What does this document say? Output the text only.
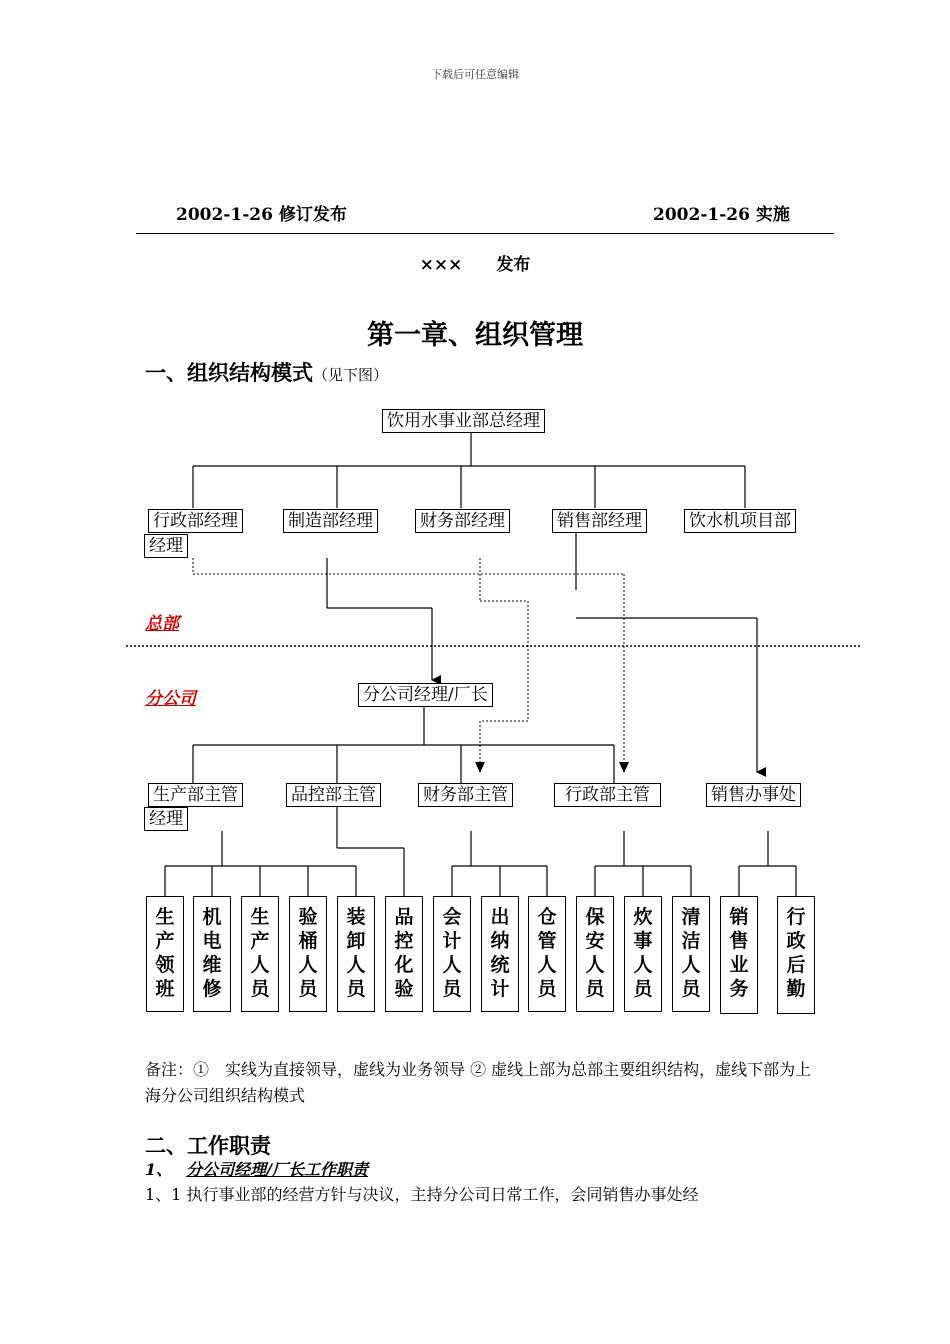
下载后可任意编辑
2002-1-26 修订发布	2002-1-26 实施
××× 发布
第一章、组织管理
一、组织结构模式（见下图）
饮用水事业部总经理
行政部经理
经理
制造部经理	财务部经理	销售部经理	饮水机项目部
总部
分公司	分公司经理/厂长
生产部主管
经理
品控部主管	财务部主管	行政部主管	销售办事处
生产领班
机电维修
生产人员
验桶人员
装卸人员
品控化验
会计人员
出纳统计
仓管人员
保安人员
炊事人员
清洁人员
销售业务
行政后勤
备注：①　实线为直接领导，虚线为业务领导 ② 虚线上部为总部主要组织结构，虚线下部为上海分公司组织结构模式
二、工作职责
1、 分公司经理/厂长工作职责
1、1 执行事业部的经营方针与决议，主持分公司日常工作，会同销售办事处经
